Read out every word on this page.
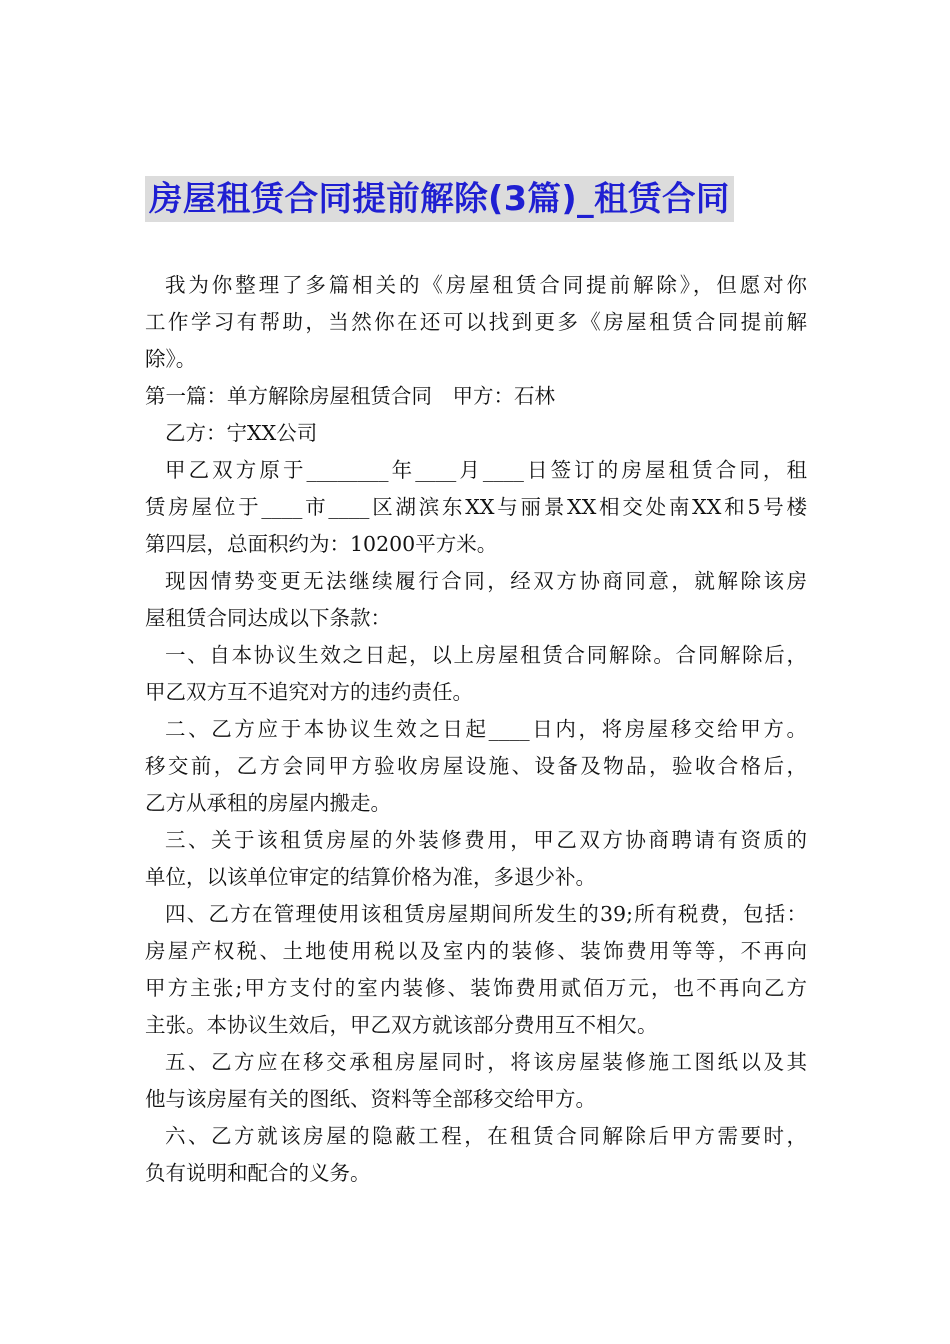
房屋租赁合同提前解除(3篇)_租赁合同
我为你整理了多篇相关的《房屋租赁合同提前解除》，但愿对你
工作学习有帮助，当然你在还可以找到更多《房屋租赁合同提前解
除》。
第一篇：单方解除房屋租赁合同　甲方：石林
乙方：宁XX公司
甲乙双方原于________年____月____日签订的房屋租赁合同，租
赁房屋位于____市____区湖滨东XX与丽景XX相交处南XX和5号楼
第四层，总面积约为：10200平方米。
现因情势变更无法继续履行合同，经双方协商同意，就解除该房
屋租赁合同达成以下条款：
一、自本协议生效之日起，以上房屋租赁合同解除。合同解除后，
甲乙双方互不追究对方的违约责任。
二、乙方应于本协议生效之日起____日内，将房屋移交给甲方。
移交前，乙方会同甲方验收房屋设施、设备及物品，验收合格后，
乙方从承租的房屋内搬走。
三、关于该租赁房屋的外装修费用，甲乙双方协商聘请有资质的
单位，以该单位审定的结算价格为准，多退少补。
四、乙方在管理使用该租赁房屋期间所发生的39;所有税费，包括：
房屋产权税、土地使用税以及室内的装修、装饰费用等等，不再向
甲方主张;甲方支付的室内装修、装饰费用贰佰万元，也不再向乙方
主张。本协议生效后，甲乙双方就该部分费用互不相欠。
五、乙方应在移交承租房屋同时，将该房屋装修施工图纸以及其
他与该房屋有关的图纸、资料等全部移交给甲方。
六、乙方就该房屋的隐蔽工程，在租赁合同解除后甲方需要时，
负有说明和配合的义务。
